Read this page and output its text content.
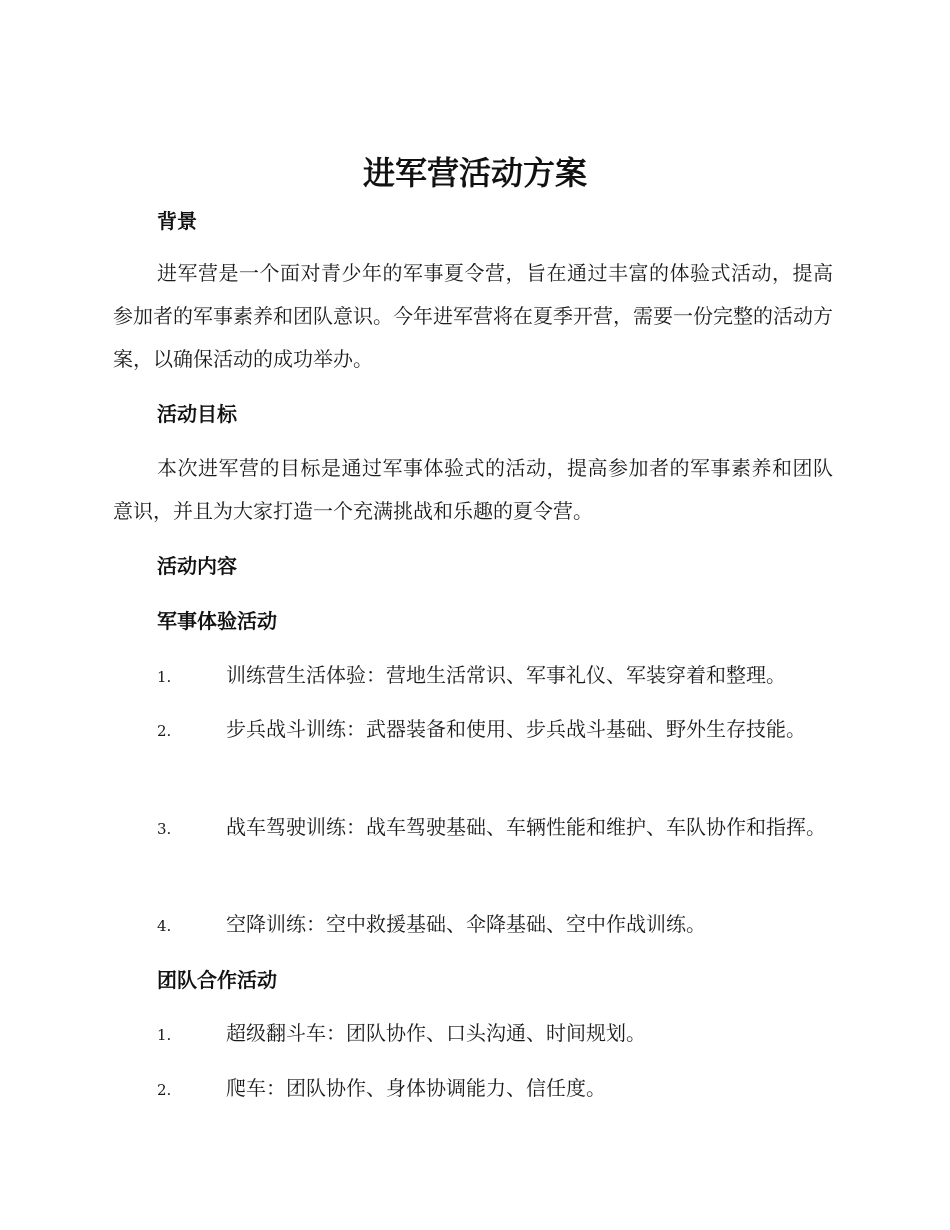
进军营活动方案
背景

进军营是一个面对青少年的军事夏令营，旨在通过丰富的体验式活动，提高参加者的军事素养和团队意识。今年进军营将在夏季开营，需要一份完整的活动方案，以确保活动的成功举办。

活动目标

本次进军营的目标是通过军事体验式的活动，提高参加者的军事素养和团队意识，并且为大家打造一个充满挑战和乐趣的夏令营。

活动内容
军事体验活动

1.	训练营生活体验：营地生活常识、军事礼仪、军装穿着和整理。

2.	步兵战斗训练：武器装备和使用、步兵战斗基础、野外生存技能。

3.	战车驾驶训练：战车驾驶基础、车辆性能和维护、车队协作和指挥。

4.	空降训练：空中救援基础、伞降基础、空中作战训练。

团队合作活动

1.	超级翻斗车：团队协作、口头沟通、时间规划。

2.	爬车：团队协作、身体协调能力、信任度。
